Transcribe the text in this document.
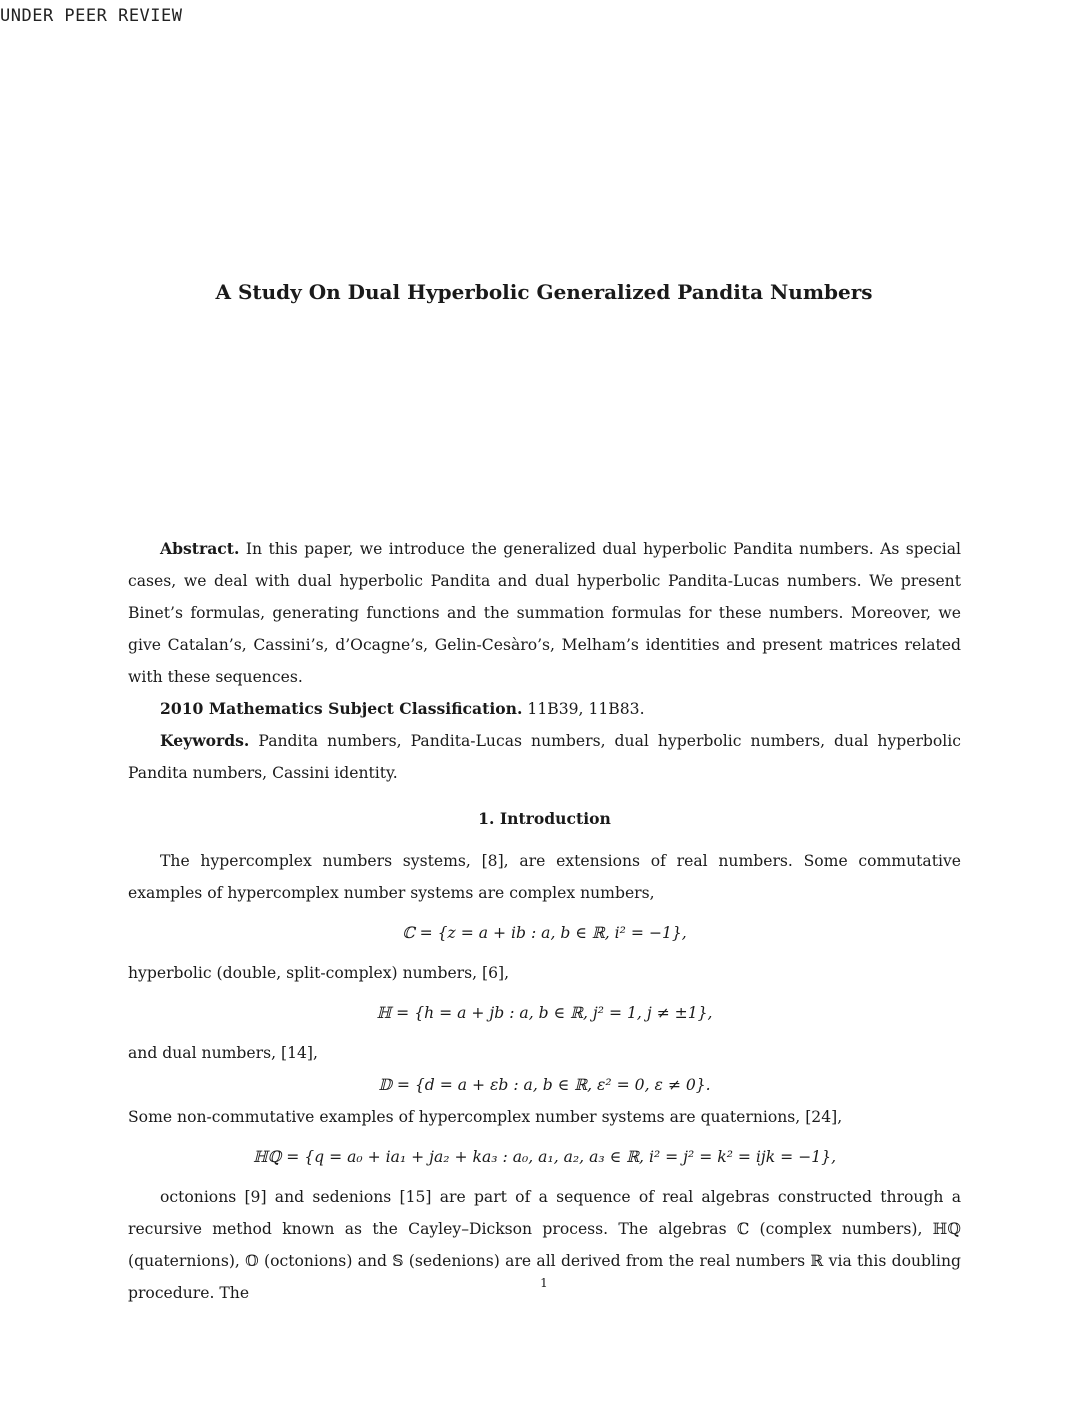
UNDER PEER REVIEW
A Study On Dual Hyperbolic Generalized Pandita Numbers

Abstract. In this paper, we introduce the generalized dual hyperbolic Pandita numbers. As special cases, we deal with dual hyperbolic Pandita and dual hyperbolic Pandita-Lucas numbers. We present Binet’s formulas, generating functions and the summation formulas for these numbers. Moreover, we give Catalan’s, Cassini’s, d’Ocagne’s, Gelin-Cesàro’s, Melham’s identities and present matrices related with these sequences.

2010 Mathematics Subject Classification. 11B39, 11B83.

Keywords. Pandita numbers, Pandita-Lucas numbers, dual hyperbolic numbers, dual hyperbolic Pandita numbers, Cassini identity.

1. Introduction

The hypercomplex numbers systems, [8], are extensions of real numbers. Some commutative examples of hypercomplex number systems are complex numbers,

ℂ = {z = a + ib : a, b ∈ ℝ, i² = −1},

hyperbolic (double, split-complex) numbers, [6],

ℍ = {h = a + jb : a, b ∈ ℝ, j² = 1, j ≠ ±1},

and dual numbers, [14],

𝔻 = {d = a + εb : a, b ∈ ℝ, ε² = 0, ε ≠ 0}.

Some non-commutative examples of hypercomplex number systems are quaternions, [24],

ℍℚ = {q = a₀ + ia₁ + ja₂ + ka₃ : a₀, a₁, a₂, a₃ ∈ ℝ, i² = j² = k² = ijk = −1},

octonions [9] and sedenions [15] are part of a sequence of real algebras constructed through a recursive method known as the Cayley–Dickson process. The algebras ℂ (complex numbers), ℍℚ (quaternions), 𝕆 (octonions) and 𝕊 (sedenions) are all derived from the real numbers ℝ via this doubling procedure. The

1
